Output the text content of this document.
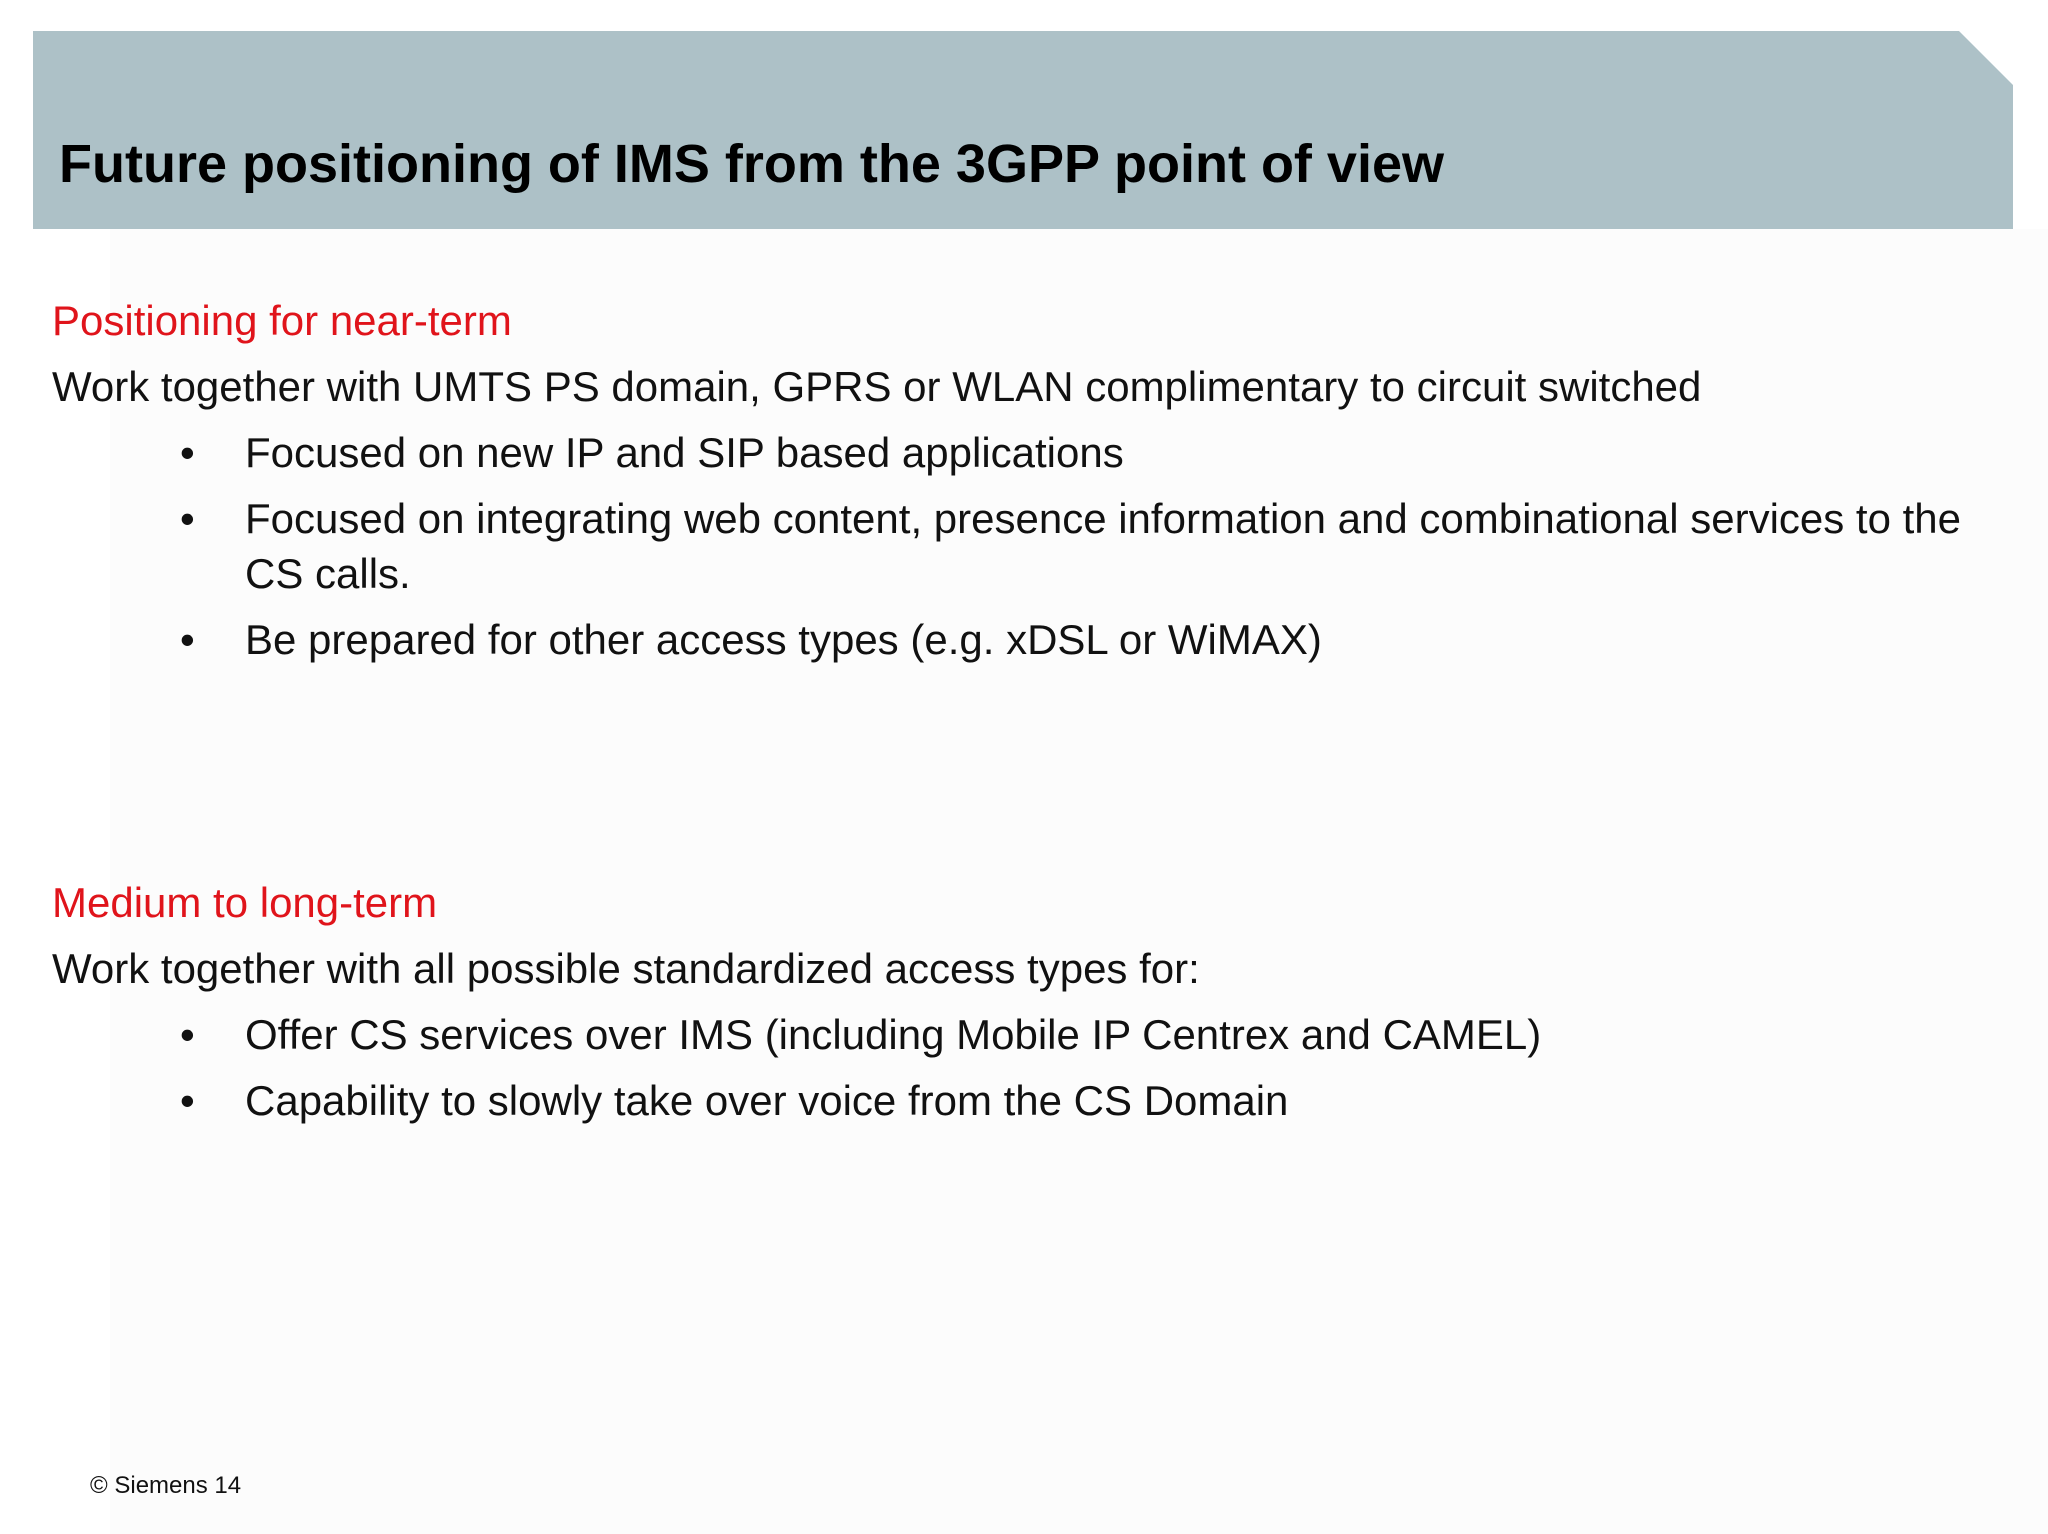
Future positioning of IMS from the 3GPP point of view
Positioning for near-term
Work together with UMTS PS domain, GPRS or WLAN complimentary to circuit switched
• Focused on new IP and SIP based applications
• Focused on integrating web content, presence information and combinational services to the CS calls.
• Be prepared for other access types (e.g. xDSL or WiMAX)
Medium to long-term
Work together with all possible standardized access types for:
• Offer CS services over IMS (including Mobile IP Centrex and CAMEL)
• Capability to slowly take over voice from the CS Domain
© Siemens 14
